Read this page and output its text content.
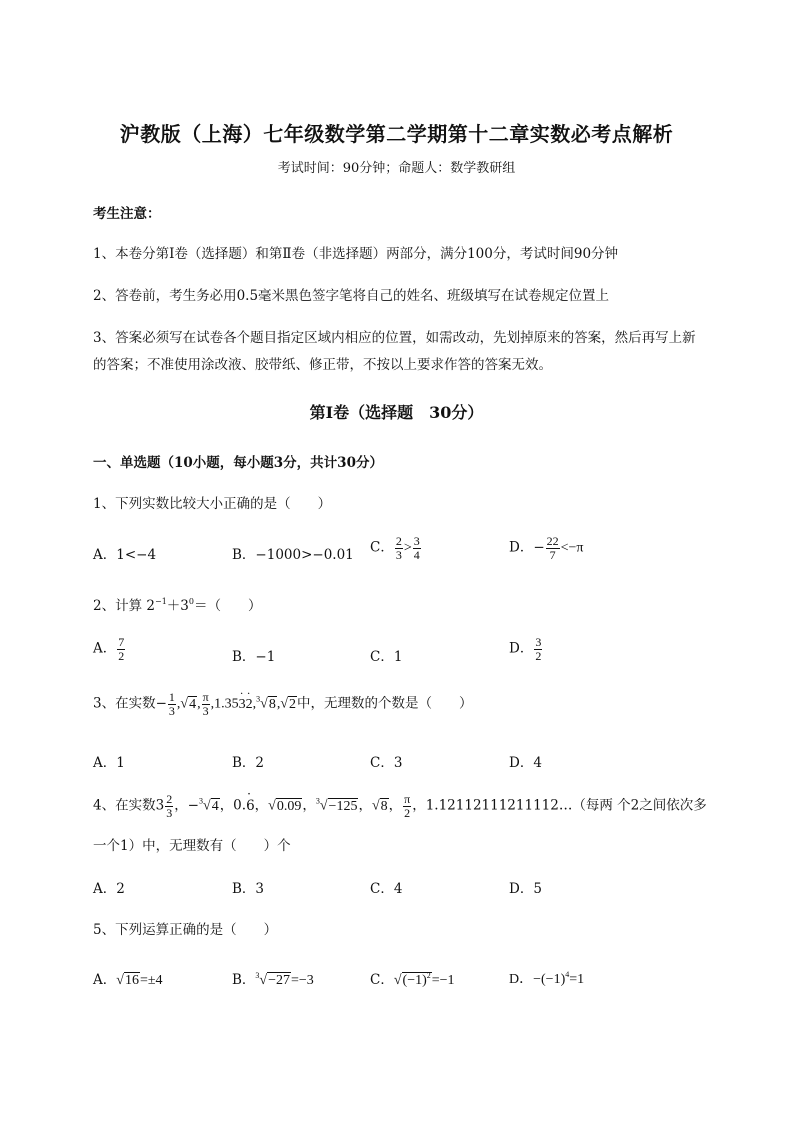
沪教版（上海）七年级数学第二学期第十二章实数必考点解析
考试时间：90分钟；命题人：数学教研组
考生注意：
1、本卷分第I卷（选择题）和第Ⅱ卷（非选择题）两部分，满分100分，考试时间90分钟
2、答卷前，考生务必用0.5毫米黑色签字笔将自己的姓名、班级填写在试卷规定位置上
3、答案必须写在试卷各个题目指定区域内相应的位置，如需改动，先划掉原来的答案，然后再写上新
的答案；不准使用涂改液、胶带纸、修正带，不按以上要求作答的答案无效。
第I卷（选择题　30分）
一、单选题（10小题，每小题3分，共计30分）
1、下列实数比较大小正确的是（　　）
A．1<−4	B．−1000>−0.01 C． $\frac{2}{3} > \frac{3}{4}$	D．− $\frac{22}{7} <-\pi$
2、计算 $2^{-1}+3^0=$（　　）
A． $\frac{7}{2}$	B．−1	C．1
D． $\frac{3}{2}$
3、在实数− $\frac{1}{3} ,√4$, $\frac{\pi}{3} ,1.35\cdot 3\cdot 2,^3√8,√2$中，无理数的个数是（　　）
A．1	B．2	C．3	D．4
4、在实数$3 \frac{2}{3}$ ，−$^3$√4，0.· 6，√0.09，$^3$√−125，√8， $\frac{\pi}{2}$ ，1.12112111211112…（每两 个2之间依次多
一个1）中，无理数有（　　）个
A．2	B．3	C．4	D．5
5、下列运算正确的是（　　）
A．√16=±4	B．$^3$√−27=−3	C．$√(-1)^2=-1$	D．$-(-1)^4=1$
